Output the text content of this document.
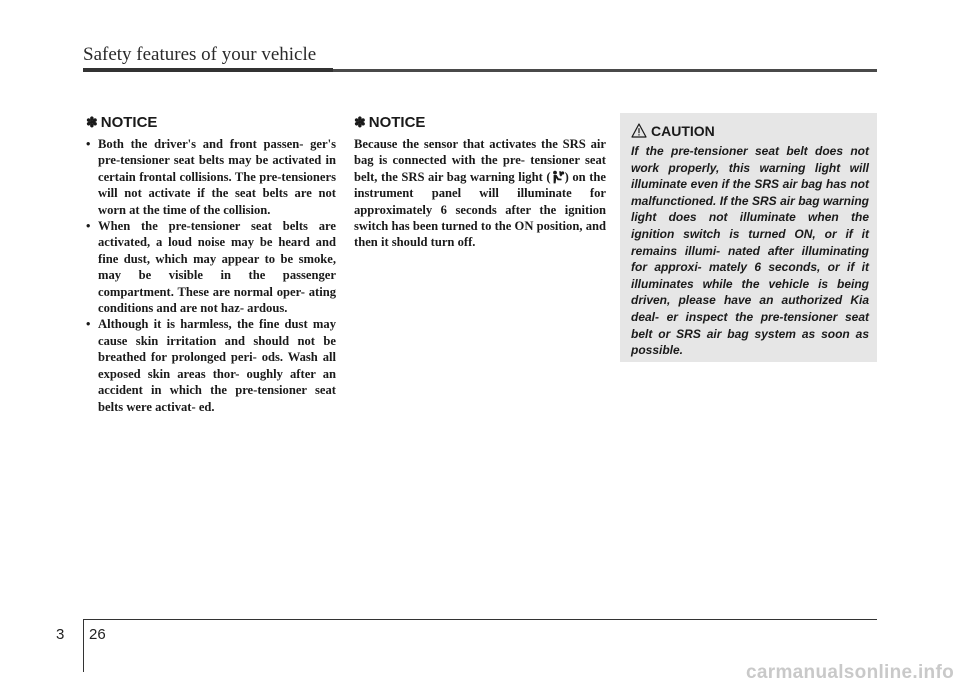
Safety features of your vehicle
✽ NOTICE
• Both the driver's and front passen- ger's pre-tensioner seat belts may be activated in certain frontal collisions. The pre-tensioners will not activate if the seat belts are not worn at the time of the collision.

• When the pre-tensioner seat belts are activated, a loud noise may be heard and fine dust, which may appear to be smoke, may be visible in the passenger compartment. These are normal oper- ating conditions and are not haz- ardous.

• Although it is harmless, the fine dust may cause skin irritation and should not be breathed for prolonged peri- ods. Wash all exposed skin areas thor- oughly after an accident in which the pre-tensioner seat belts were activat- ed.

✽ NOTICE

Because the sensor that activates the SRS air bag is connected with the pre- tensioner seat belt, the SRS air bag warning light ( ) on the instrument panel will illuminate for approximately 6 seconds after the ignition switch has been turned to the ON position, and then it should turn off.

CAUTION

If the pre-tensioner seat belt does not work properly, this warning light will illuminate even if the SRS air bag has not malfunctioned. If the SRS air bag warning light does not illuminate when the ignition switch is turned ON, or if it remains illumi- nated after illuminating for approxi- mately 6 seconds, or if it illuminates while the vehicle is being driven, please have an authorized Kia deal- er inspect the pre-tensioner seat belt or SRS air bag system as soon as possible.

3 26
carmanualsonline.info
